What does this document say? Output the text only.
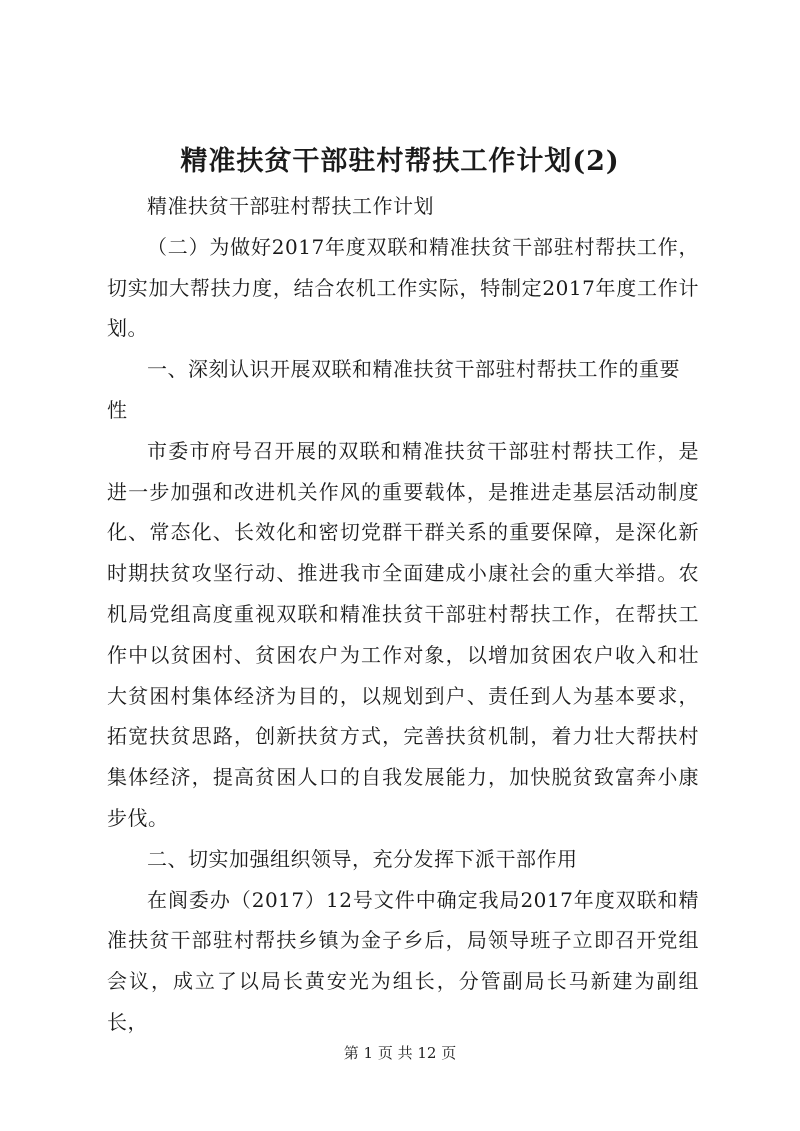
精准扶贫干部驻村帮扶工作计划(2)

精准扶贫干部驻村帮扶工作计划

（二）为做好2017年度双联和精准扶贫干部驻村帮扶工作，切实加大帮扶力度，结合农机工作实际，特制定2017年度工作计划。

一、深刻认识开展双联和精准扶贫干部驻村帮扶工作的重要性

市委市府号召开展的双联和精准扶贫干部驻村帮扶工作，是进一步加强和改进机关作风的重要载体，是推进走基层活动制度化、常态化、长效化和密切党群干群关系的重要保障，是深化新时期扶贫攻坚行动、推进我市全面建成小康社会的重大举措。农机局党组高度重视双联和精准扶贫干部驻村帮扶工作，在帮扶工作中以贫困村、贫困农户为工作对象，以增加贫困农户收入和壮大贫困村集体经济为目的，以规划到户、责任到人为基本要求，拓宽扶贫思路，创新扶贫方式，完善扶贫机制，着力壮大帮扶村集体经济，提高贫困人口的自我发展能力，加快脱贫致富奔小康步伐。

二、切实加强组织领导，充分发挥下派干部作用

在阆委办（2017）12号文件中确定我局2017年度双联和精准扶贫干部驻村帮扶乡镇为金子乡后，局领导班子立即召开党组会议，成立了以局长黄安光为组长，分管副局长马新建为副组长，

第 1 页 共 12 页
